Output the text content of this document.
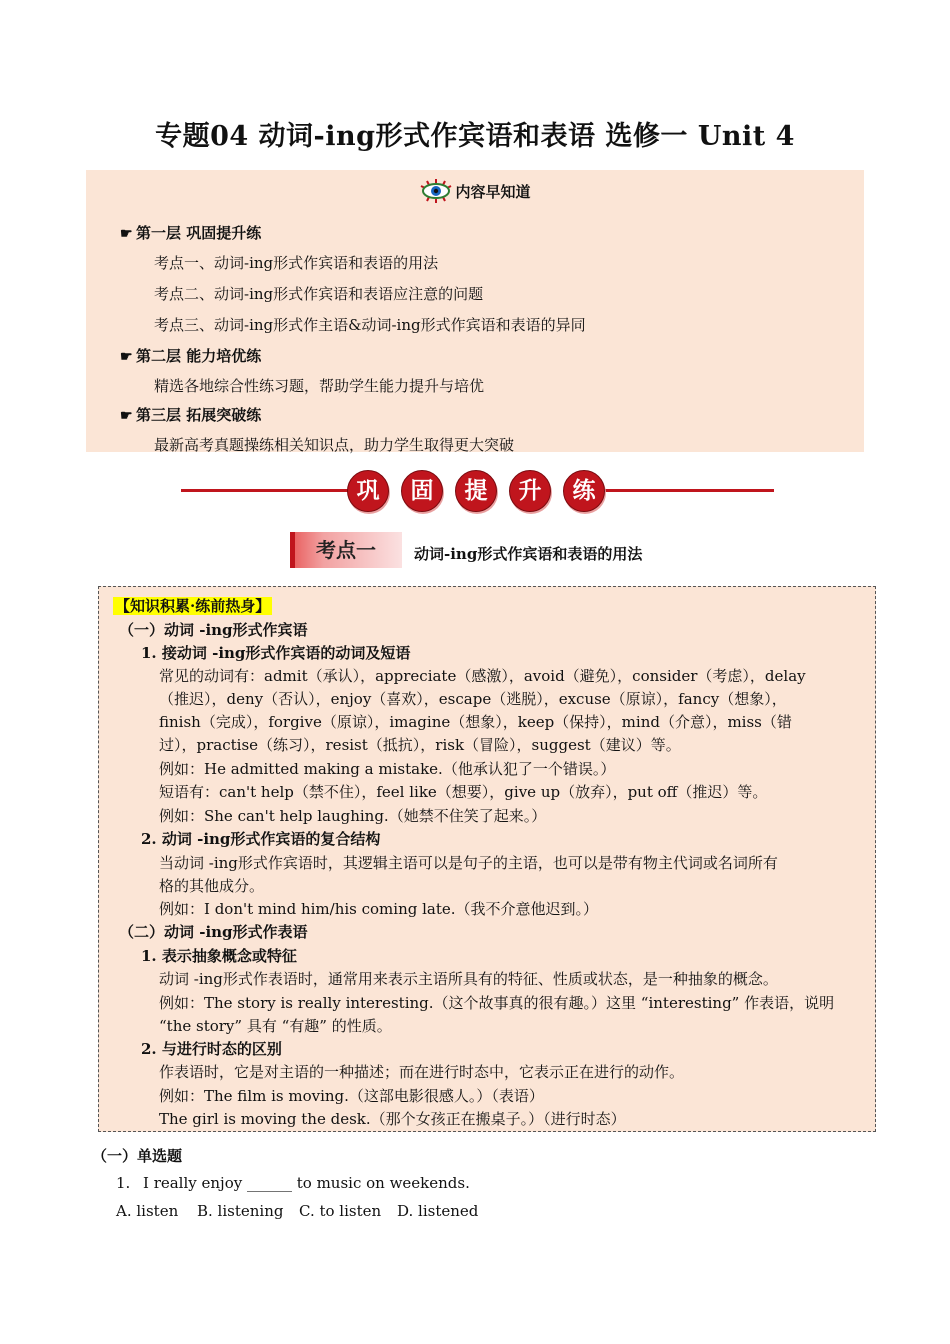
专题04 动词-ing形式作宾语和表语 选修一 Unit 4
内容早知道
☛ 第一层 巩固提升练
考点一、动词-ing形式作宾语和表语的用法
考点二、动词-ing形式作宾语和表语应注意的问题
考点三、动词-ing形式作主语&动词-ing形式作宾语和表语的异同
☛ 第二层 能力培优练
精选各地综合性练习题，帮助学生能力提升与培优
☛ 第三层 拓展突破练
最新高考真题操练相关知识点，助力学生取得更大突破
巩	固	提	升	练
考点一	动词-ing形式作宾语和表语的用法
【知识积累·练前热身】
（一）动词 -ing形式作宾语
1. 接动词 -ing形式作宾语的动词及短语
常见的动词有：admit（承认），appreciate（感激），avoid（避免），consider（考虑），delay
（推迟），deny（否认），enjoy（喜欢），escape（逃脱），excuse（原谅），fancy（想象），
finish（完成），forgive（原谅），imagine（想象），keep（保持），mind（介意），miss（错
过），practise（练习），resist（抵抗），risk（冒险），suggest（建议）等。
例如：He admitted making a mistake.（他承认犯了一个错误。）
短语有：can't help（禁不住），feel like（想要），give up（放弃），put off（推迟）等。
例如：She can't help laughing.（她禁不住笑了起来。）
2. 动词 -ing形式作宾语的复合结构
当动词 -ing形式作宾语时，其逻辑主语可以是句子的主语，也可以是带有物主代词或名词所有
格的其他成分。
例如：I don't mind him/his coming late.（我不介意他迟到。）
（二）动词 -ing形式作表语
1. 表示抽象概念或特征
动词 -ing形式作表语时，通常用来表示主语所具有的特征、性质或状态，是一种抽象的概念。
例如：The story is really interesting.（这个故事真的很有趣。）这里 “interesting” 作表语，说明
“the story” 具有 “有趣” 的性质。
2. 与进行时态的区别
作表语时，它是对主语的一种描述；而在进行时态中，它表示正在进行的动作。
例如：The film is moving.（这部电影很感人。）（表语）
The girl is moving the desk.（那个女孩正在搬桌子。）（进行时态）
（一）单选题
1. I really enjoy ______ to music on weekends.
A. listen B. listening C. to listen D. listened
